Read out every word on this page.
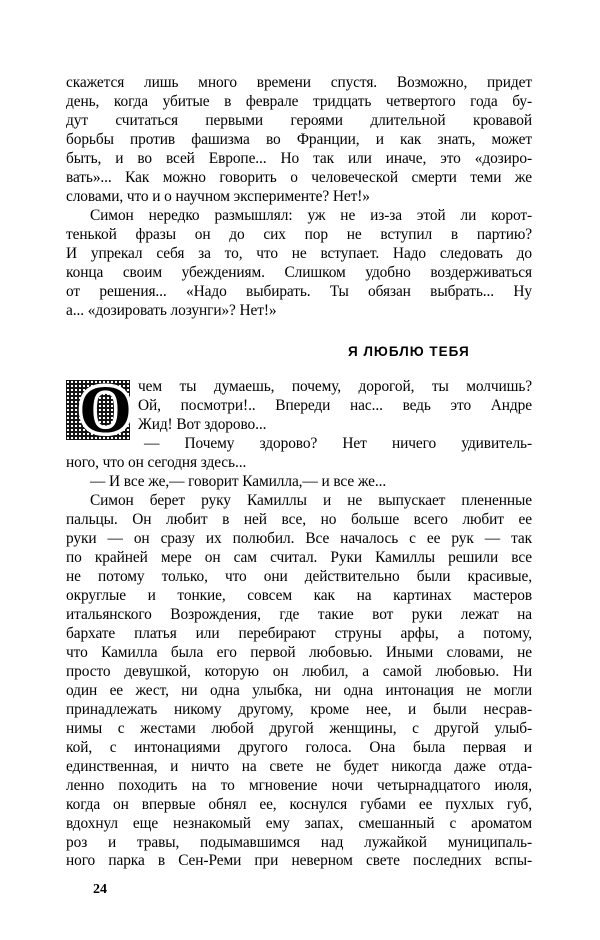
скажется лишь много времени спустя. Возможно, придет
день, когда убитые в феврале тридцать четвертого года бу-
дут считаться первыми героями длительной кровавой
борьбы против фашизма во Франции, и как знать, может
быть, и во всей Европе... Но так или иначе, это «дозиро-
вать»... Как можно говорить о человеческой смерти теми же
словами, что и о научном эксперименте? Нет!»
Симон нередко размышлял: уж не из-за этой ли корот-
тенькой фразы он до сих пор не вступил в партию?
И упрекал себя за то, что не вступает. Надо следовать до
конца своим убеждениям. Слишком удобно воздерживаться
от решения... «Надо выбирать. Ты обязан выбрать... Ну
а... «дозировать лозунги»? Нет!»
Я ЛЮБЛЮ ТЕБЯ
О чем ты думаешь, почему, дорогой, ты молчишь?
Ой, посмотри!.. Впереди нас... ведь это Андре
Жид! Вот здорово...
— Почему здорово? Нет ничего удивитель-
ного, что он сегодня здесь...
— И все же,— говорит Камилла,— и все же...
Симон берет руку Камиллы и не выпускает плененные
пальцы. Он любит в ней все, но больше всего любит ее
руки — он сразу их полюбил. Все началось с ее рук — так
по крайней мере он сам считал. Руки Камиллы решили все
не потому только, что они действительно были красивые,
округлые и тонкие, совсем как на картинах мастеров
итальянского Возрождения, где такие вот руки лежат на
бархате платья или перебирают струны арфы, а потому,
что Камилла была его первой любовью. Иными словами, не
просто девушкой, которую он любил, а самой любовью. Ни
один ее жест, ни одна улыбка, ни одна интонация не могли
принадлежать никому другому, кроме нее, и были несрав-
нимы с жестами любой другой женщины, с другой улыб-
кой, с интонациями другого голоса. Она была первая и
единственная, и ничто на свете не будет никогда даже отда-
ленно походить на то мгновение ночи четырнадцатого июля,
когда он впервые обнял ее, коснулся губами ее пухлых губ,
вдохнул еще незнакомый ему запах, смешанный с ароматом
роз и травы, подымавшимся над лужайкой муниципаль-
ного парка в Сен-Реми при неверном свете последних вспы-
24
